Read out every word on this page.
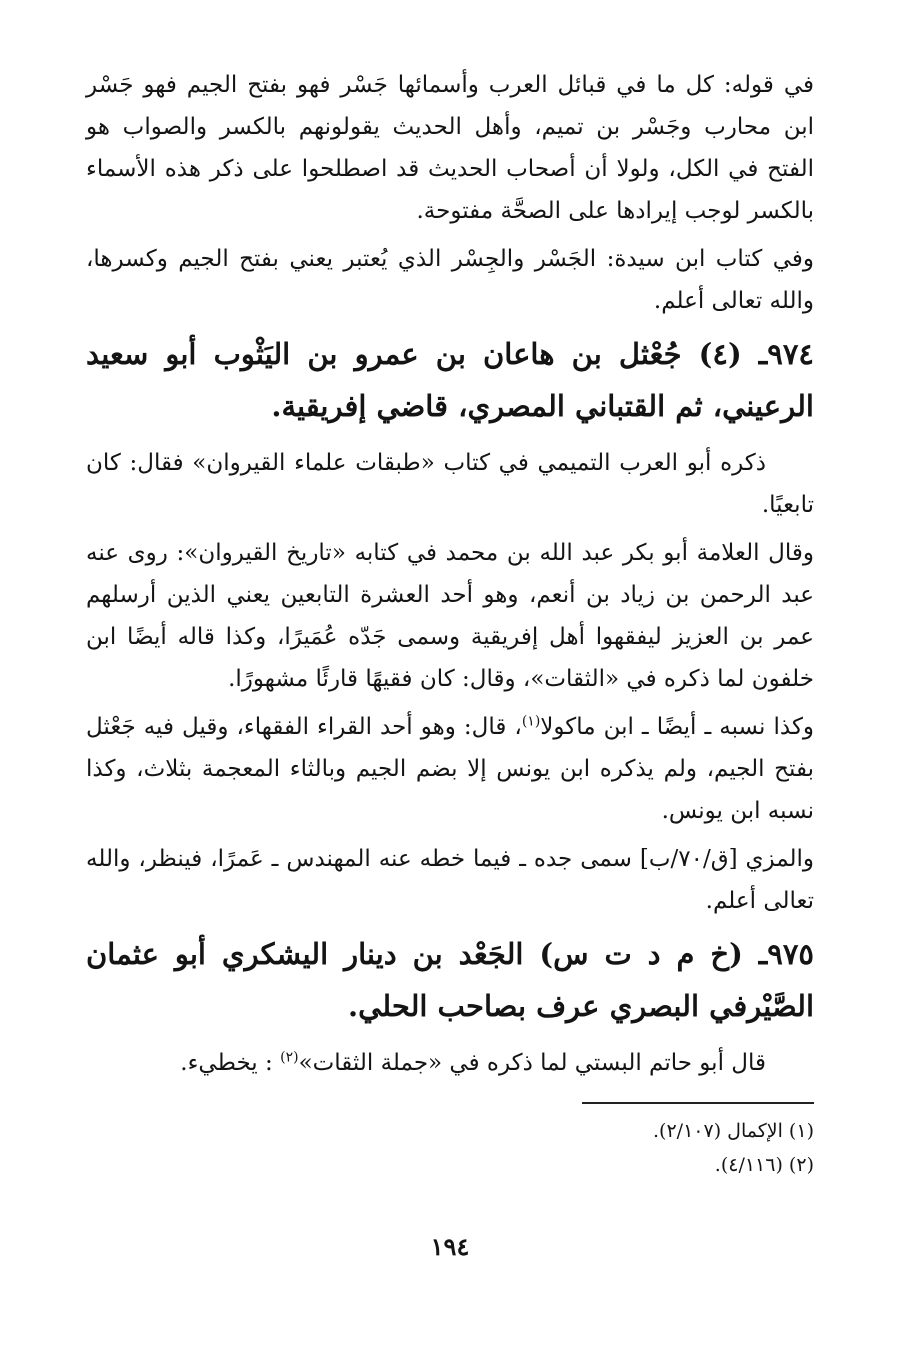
في قوله: كل ما في قبائل العرب وأسمائها جَسْر فهو بفتح الجيم فهو جَسْر ابن محارب وجَسْر بن تميم، وأهل الحديث يقولونهم بالكسر والصواب هو الفتح في الكل، ولولا أن أصحاب الحديث قد اصطلحوا على ذكر هذه الأسماء بالكسر لوجب إيرادها على الصحَّة مفتوحة.

وفي كتاب ابن سيدة: الجَسْر والجِسْر الذي يُعتبر يعني بفتح الجيم وكسرها، والله تعالى أعلم.

٩٧٤ـ (٤) جُعْثل بن هاعان بن عمرو بن اليَثْوب أبو سعيد الرعيني، ثم القتباني المصري، قاضي إفريقية.

ذكره أبو العرب التميمي في كتاب «طبقات علماء القيروان» فقال: كان تابعيًا.

وقال العلامة أبو بكر عبد الله بن محمد في كتابه «تاريخ القيروان»: روى عنه عبد الرحمن بن زياد بن أنعم، وهو أحد العشرة التابعين يعني الذين أرسلهم عمر بن العزيز ليفقهوا أهل إفريقية وسمى جَدّه عُمَيرًا، وكذا قاله أيضًا ابن خلفون لما ذكره في «الثقات»، وقال: كان فقيهًا قارئًا مشهورًا.

وكذا نسبه ـ أيضًا ـ ابن ماكولا$^{(١)}$، قال: وهو أحد القراء الفقهاء، وقيل فيه جَعْثل بفتح الجيم، ولم يذكره ابن يونس إلا بضم الجيم وبالثاء المعجمة بثلاث، وكذا نسبه ابن يونس.

والمزي [ق/٧٠/ب] سمى جده ـ فيما خطه عنه المهندس ـ عَمرًا، فينظر، والله تعالى أعلم.

٩٧٥ـ (خ م د ت س) الجَعْد بن دينار اليشكري أبو عثمان الصَّيْرفي البصري عرف بصاحب الحلي.

قال أبو حاتم البستي لما ذكره في «جملة الثقات»$^{(٢)}$ : يخطيء.

(١) الإكمال (٢/١٠٧).

(٢) (٤/١١٦).

١٩٤
